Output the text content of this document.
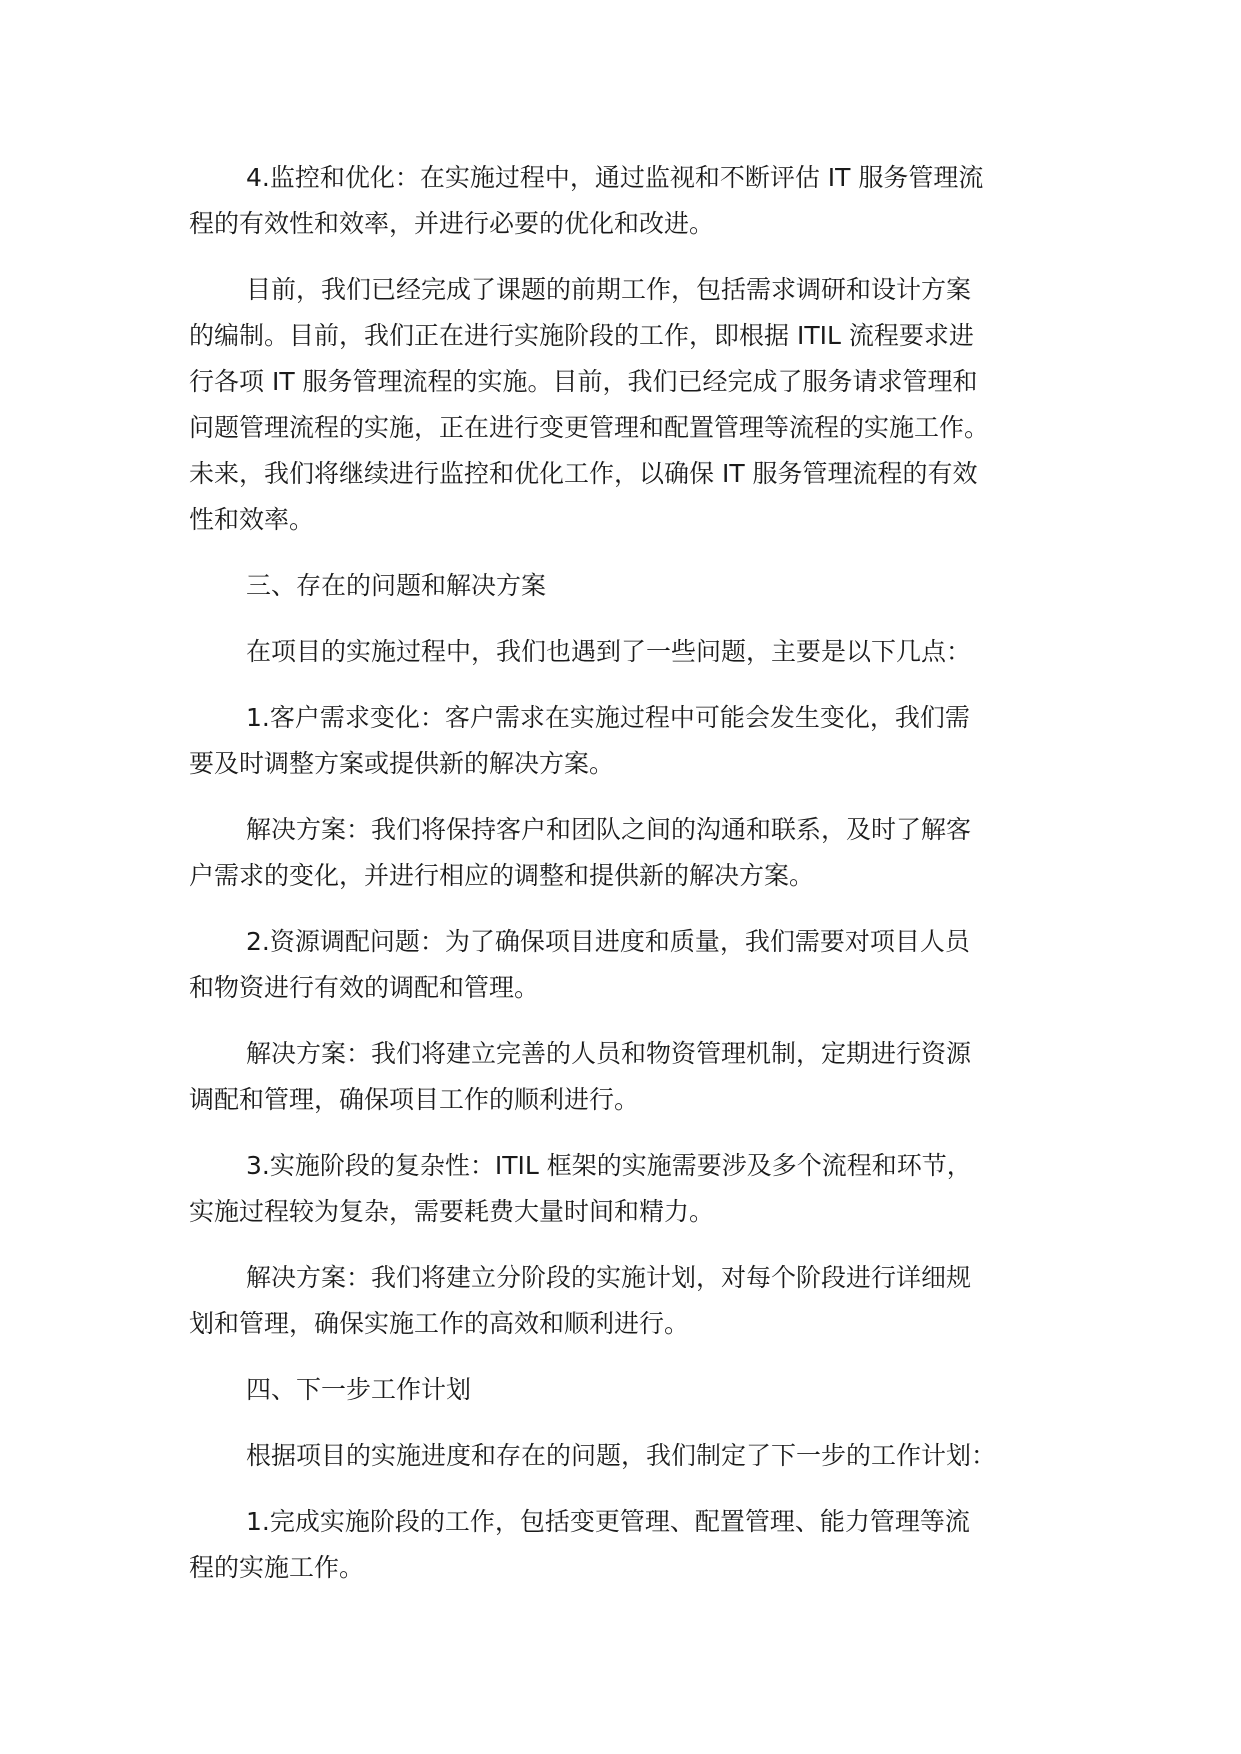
4.监控和优化：在实施过程中，通过监视和不断评估 IT 服务管理流
程的有效性和效率，并进行必要的优化和改进。
目前，我们已经完成了课题的前期工作，包括需求调研和设计方案
的编制。目前，我们正在进行实施阶段的工作，即根据 ITIL 流程要求进
行各项 IT 服务管理流程的实施。目前，我们已经完成了服务请求管理和
问题管理流程的实施，正在进行变更管理和配置管理等流程的实施工作。
未来，我们将继续进行监控和优化工作，以确保 IT 服务管理流程的有效
性和效率。
三、存在的问题和解决方案
在项目的实施过程中，我们也遇到了一些问题，主要是以下几点：
1.客户需求变化：客户需求在实施过程中可能会发生变化，我们需
要及时调整方案或提供新的解决方案。
解决方案：我们将保持客户和团队之间的沟通和联系，及时了解客
户需求的变化，并进行相应的调整和提供新的解决方案。
2.资源调配问题：为了确保项目进度和质量，我们需要对项目人员
和物资进行有效的调配和管理。
解决方案：我们将建立完善的人员和物资管理机制，定期进行资源
调配和管理，确保项目工作的顺利进行。
3.实施阶段的复杂性：ITIL 框架的实施需要涉及多个流程和环节，
实施过程较为复杂，需要耗费大量时间和精力。
解决方案：我们将建立分阶段的实施计划，对每个阶段进行详细规
划和管理，确保实施工作的高效和顺利进行。
四、下一步工作计划
根据项目的实施进度和存在的问题，我们制定了下一步的工作计划：
1.完成实施阶段的工作，包括变更管理、配置管理、能力管理等流
程的实施工作。
